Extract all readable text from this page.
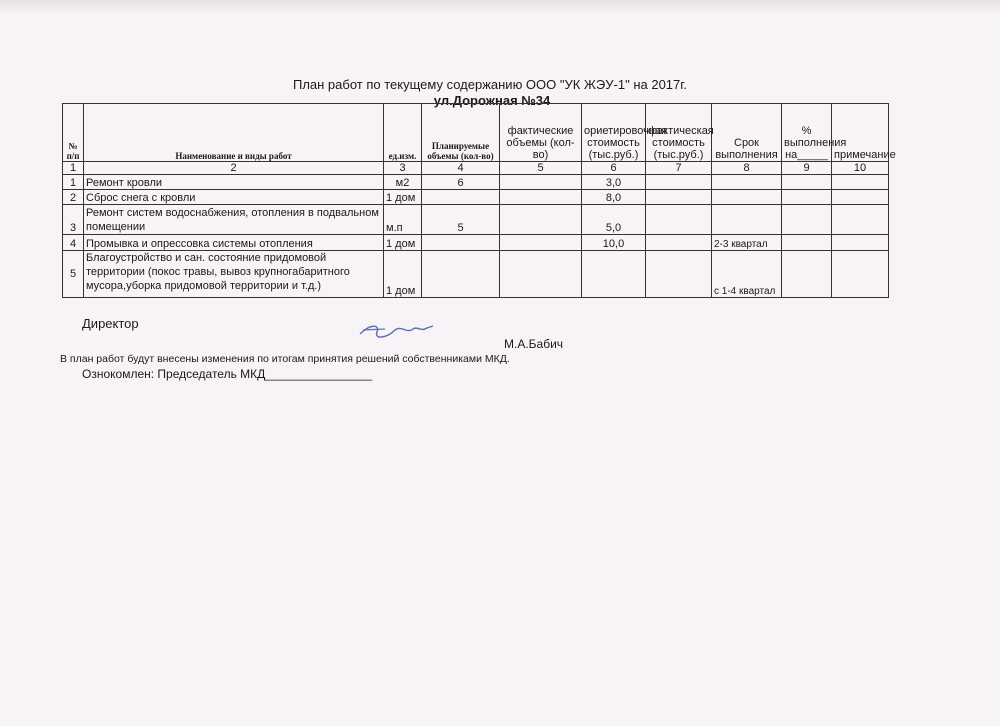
План работ по текущему содержанию ООО "УК ЖЭУ-1" на 2017г.
ул.Дорожная №34
№ п/п	Наименование и виды работ	ед.изм.	Планируемые объемы (кол-во)	фактические объемы (кол-во)	ориетировочная стоимость (тыс.руб.)	фактическая стоимость (тыс.руб.)	Срок выполнения	% выполнения на_____	примечание
1	2	3	4	5	6	7	8	9	10
1	Ремонт кровли	м2	6		3,0				
2	Сброс снега с кровли	1 дом			8,0				
3	Ремонт систем водоснабжения, отопления в подвальном помещении	м.п	5		5,0				
4	Промывка и опрессовка системы отопления	1 дом			10,0		2-3 квартал		
5	Благоустройство и сан. состояние придомовой территории (покос травы, вывоз крупногабаритного мусора,уборка придомовой территории и т.д.)	1 дом					с 1-4 квартал		
Директор
М.А.Бабич
В план работ будут внесены изменения по итогам принятия решений собственниками МКД.
Ознокомлен: Председатель МКД________________
